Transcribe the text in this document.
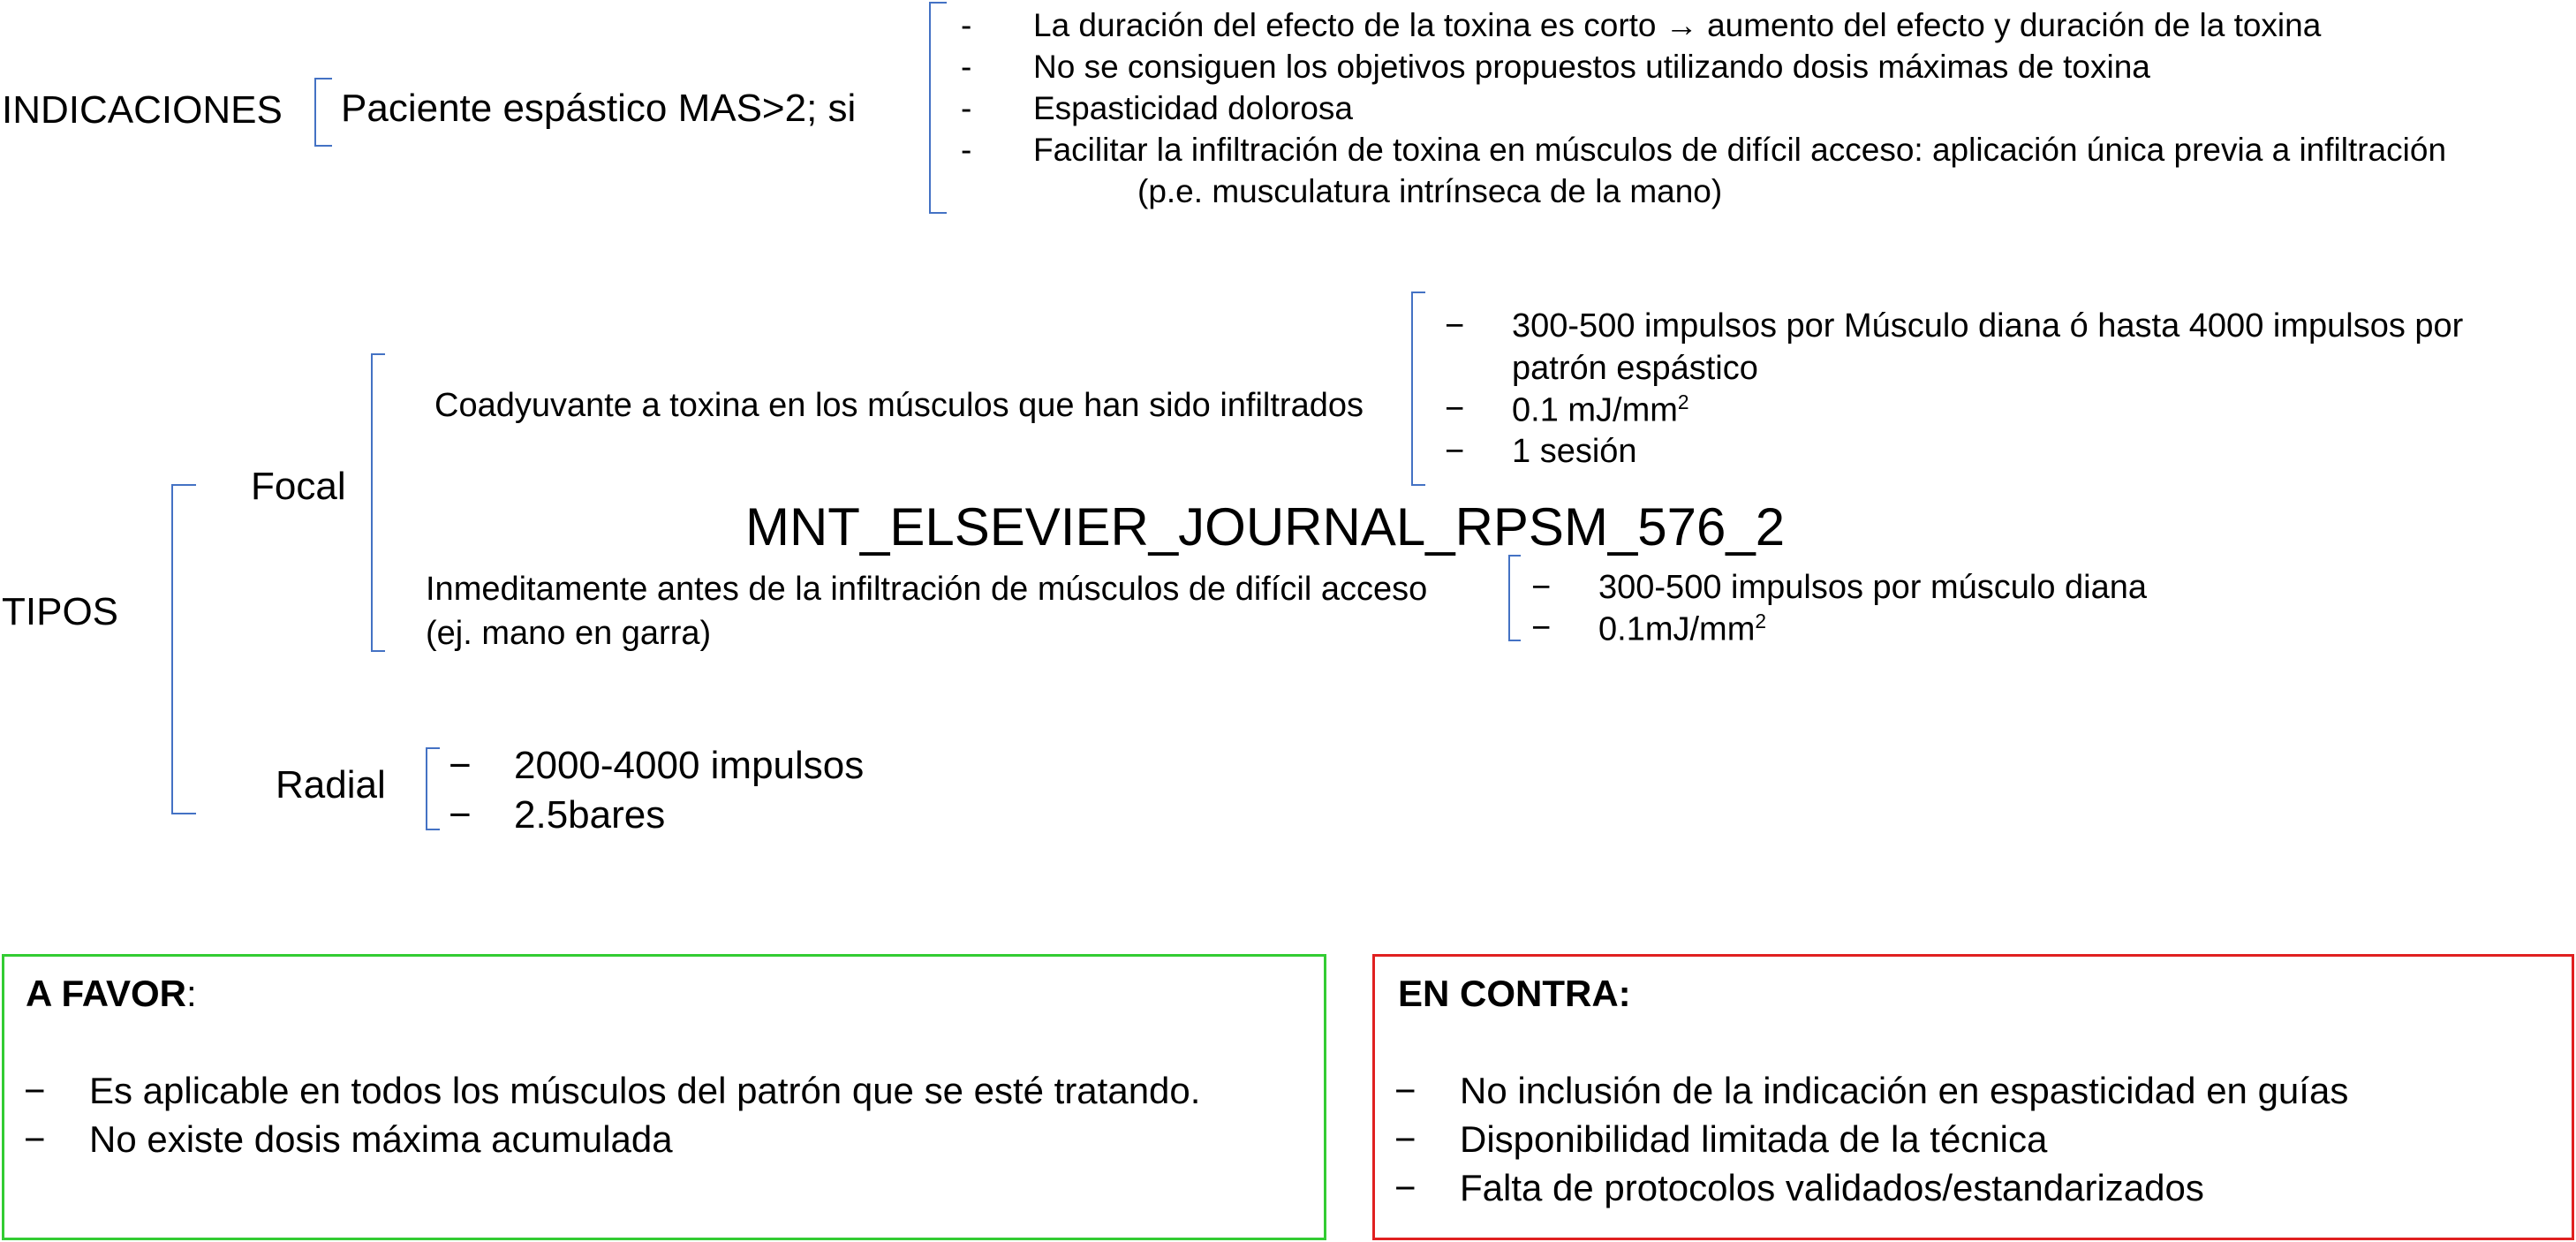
INDICACIONES Paciente espástico MAS>2; si
- La duración del efecto de la toxina es corto → aumento del efecto y duración de la toxina
- No se consiguen los objetivos propuestos utilizando dosis máximas de toxina
- Espasticidad dolorosa
- Facilitar la infiltración de toxina en músculos de difícil acceso: aplicación única previa a infiltración
(p.e. musculatura intrínseca de la mano)
TIPOS
Focal
Coadyuvante a toxina en los músculos que han sido infiltrados
− 300-500 impulsos por Músculo diana ó hasta 4000 impulsos por
patrón espástico
− 0.1 $mJ/mm^2$
− 1 sesión
MNT_ELSEVIER_JOURNAL_RPSM_576_2
Inmeditamente antes de la infiltración de músculos de difícil acceso
(ej. mano en garra)
− 300-500 impulsos por músculo diana
− $0.1mJ/mm^2$
Radial − 2000-4000 impulsos
− 2.5bares
A FAVOR:
− Es aplicable en todos los músculos del patrón que se esté tratando.
− No existe dosis máxima acumulada
EN CONTRA:
− No inclusión de la indicación en espasticidad en guías
− Disponibilidad limitada de la técnica
− Falta de protocolos validados/estandarizados
